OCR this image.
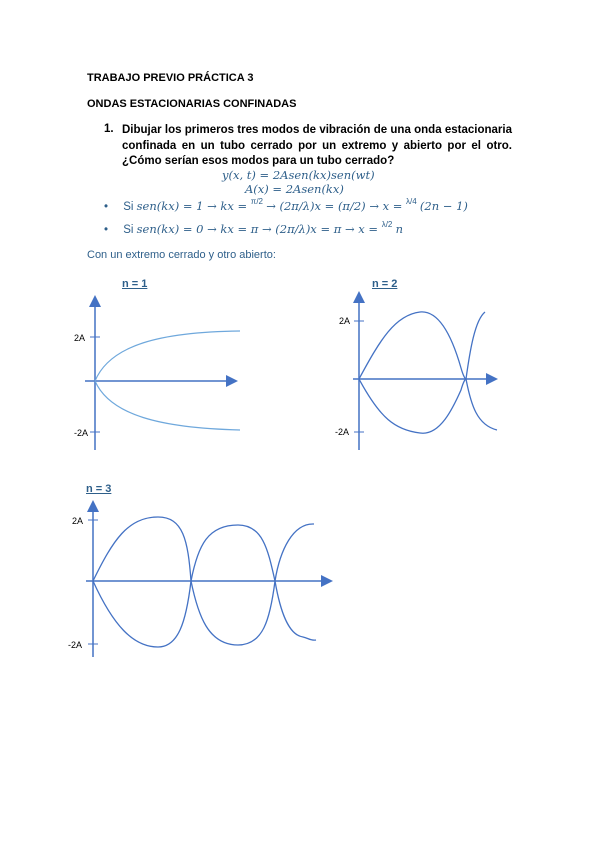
TRABAJO PREVIO PRÁCTICA 3
ONDAS ESTACIONARIAS CONFINADAS
1. Dibujar los primeros tres modos de vibración de una onda estacionaria confinada en un tubo cerrado por un extremo y abierto por el otro. ¿Cómo serían esos modos para un tubo cerrado?
y(x, t) = 2Asen(kx)sen(wt)
A(x) = 2Asen(kx)
• Si sen(kx) = 1 → kx = $^{\pi/2}$ → (2π/λ)x = (π/2) → x = $^{\lambda/4}$ (2n − 1)
• Si sen(kx) = 0 → kx = π → (2π/λ)x = π → x = $^{\lambda/2}$ n
Con un extremo cerrado y otro abierto:
n = 1	n = 2
n = 3
2A
-2A
2A
-2A
2A
-2A
